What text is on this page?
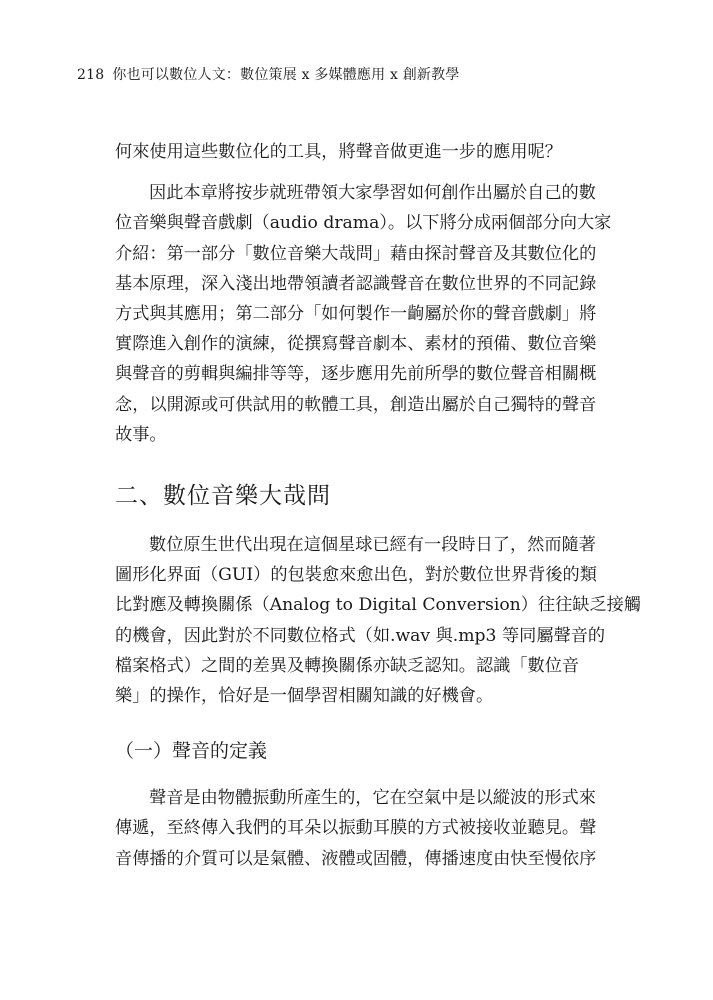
218 你也可以數位人文：數位策展 x 多媒體應用 x 創新教學

何來使用這些數位化的工具，將聲音做更進一步的應用呢？

因此本章將按步就班帶領大家學習如何創作出屬於自己的數
位音樂與聲音戲劇（audio drama）。以下將分成兩個部分向大家
介紹：第一部分「數位音樂大哉問」藉由探討聲音及其數位化的
基本原理，深入淺出地帶領讀者認識聲音在數位世界的不同記錄
方式與其應用；第二部分「如何製作一齣屬於你的聲音戲劇」將
實際進入創作的演練，從撰寫聲音劇本、素材的預備、數位音樂
與聲音的剪輯與編排等等，逐步應用先前所學的數位聲音相關概
念，以開源或可供試用的軟體工具，創造出屬於自己獨特的聲音
故事。

二、數位音樂大哉問

數位原生世代出現在這個星球已經有一段時日了，然而隨著
圖形化界面（GUI）的包裝愈來愈出色，對於數位世界背後的類
比對應及轉換關係（Analog to Digital Conversion）往往缺乏接觸
的機會，因此對於不同數位格式（如.wav 與.mp3 等同屬聲音的
檔案格式）之間的差異及轉換關係亦缺乏認知。認識「數位音
樂」的操作，恰好是一個學習相關知識的好機會。

（一）聲音的定義

聲音是由物體振動所產生的，它在空氣中是以縱波的形式來
傳遞，至終傳入我們的耳朵以振動耳膜的方式被接收並聽見。聲
音傳播的介質可以是氣體、液體或固體，傳播速度由快至慢依序
